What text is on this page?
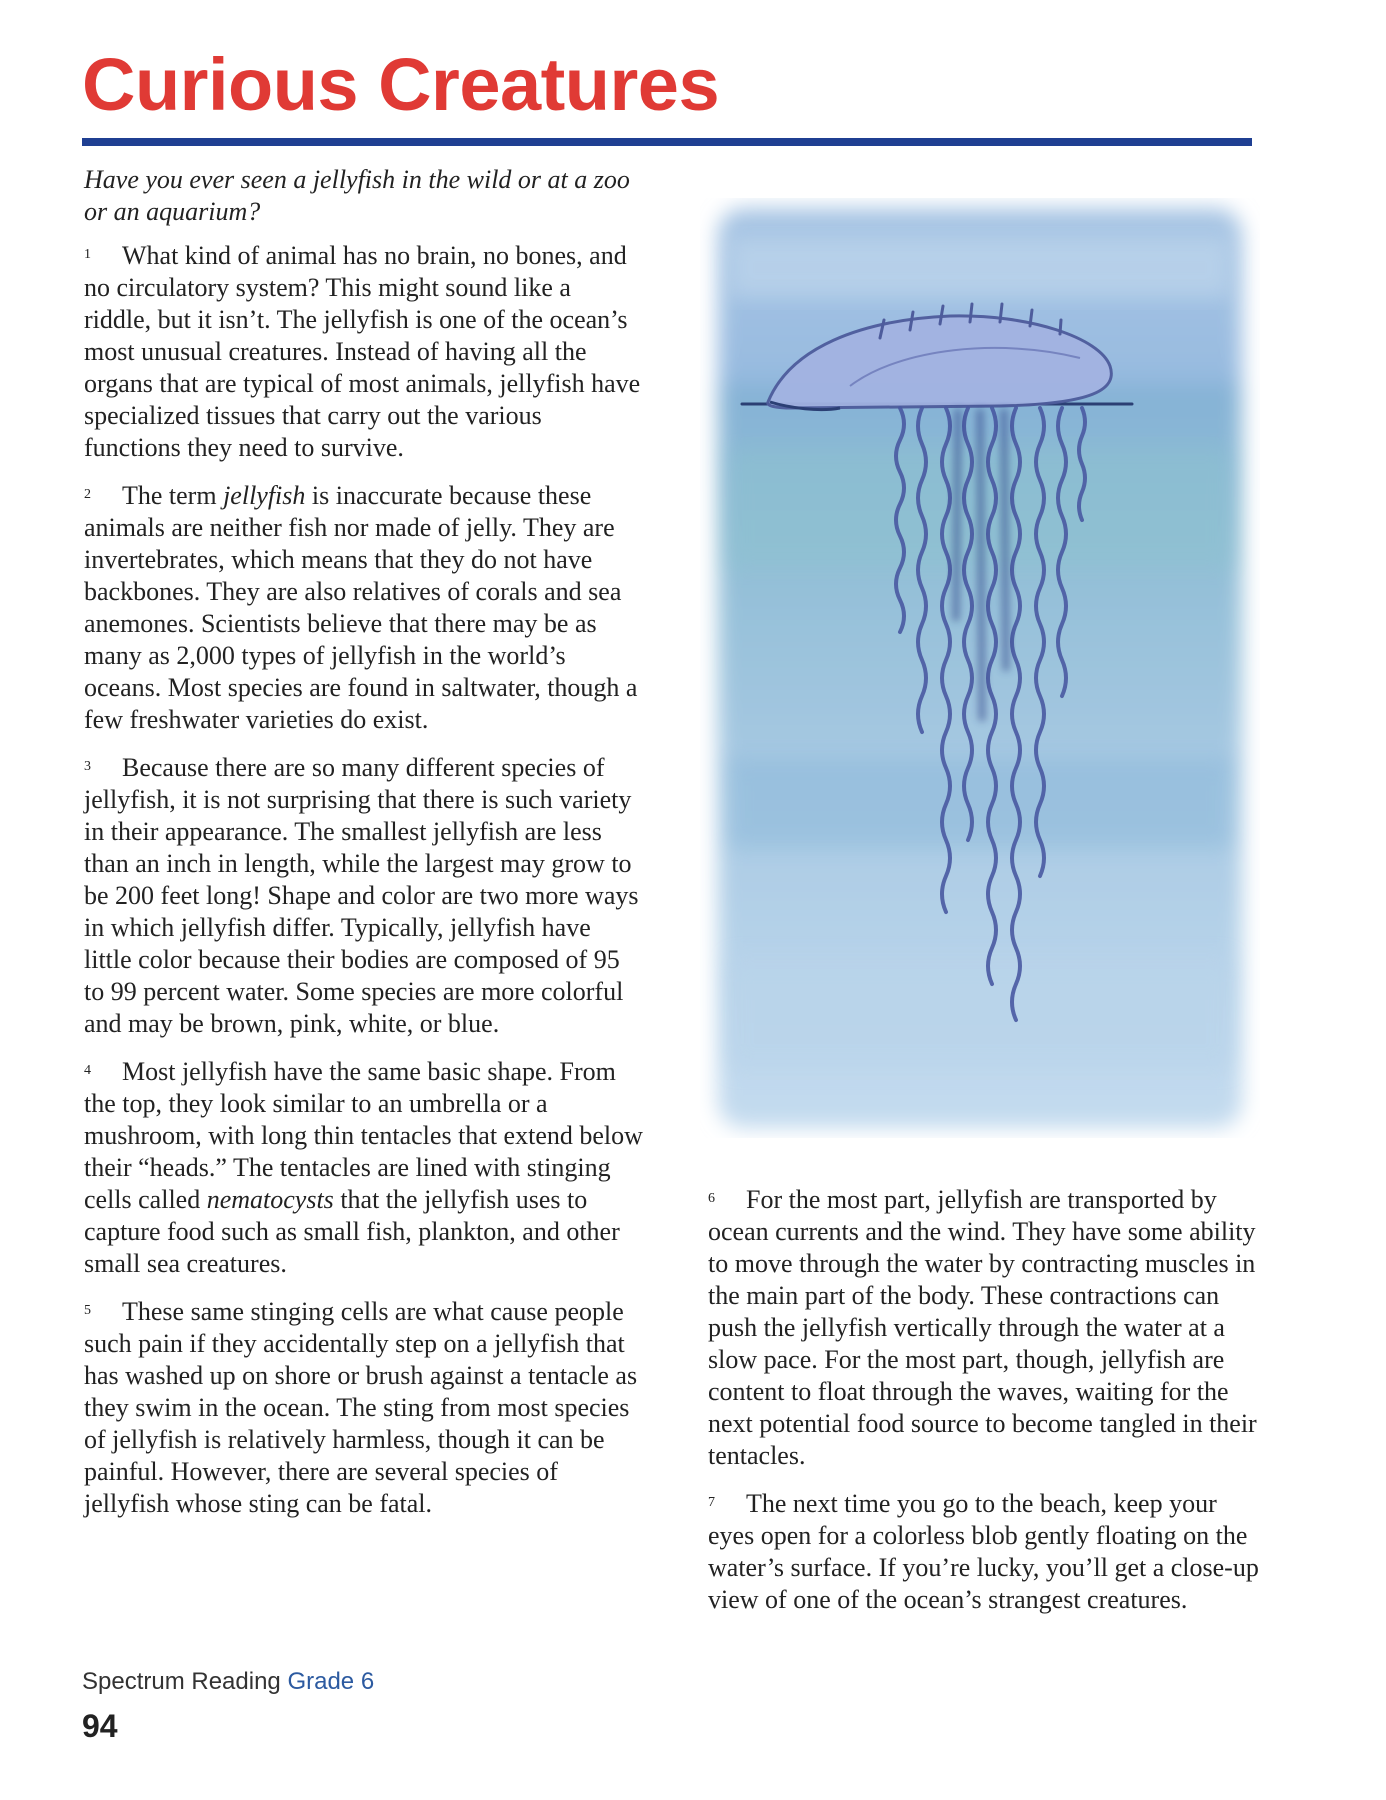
Curious Creatures

Have you ever seen a jellyfish in the wild or at a zoo or an aquarium?

1 What kind of animal has no brain, no bones, and no circulatory system? This might sound like a riddle, but it isn’t. The jellyfish is one of the ocean’s most unusual creatures. Instead of having all the organs that are typical of most animals, jellyfish have specialized tissues that carry out the various functions they need to survive.

2 The term jellyfish is inaccurate because these animals are neither fish nor made of jelly. They are invertebrates, which means that they do not have backbones. They are also relatives of corals and sea anemones. Scientists believe that there may be as many as 2,000 types of jellyfish in the world’s oceans. Most species are found in saltwater, though a few freshwater varieties do exist.

3 Because there are so many different species of jellyfish, it is not surprising that there is such variety in their appearance. The smallest jellyfish are less than an inch in length, while the largest may grow to be 200 feet long! Shape and color are two more ways in which jellyfish differ. Typically, jellyfish have little color because their bodies are composed of 95 to 99 percent water. Some species are more colorful and may be brown, pink, white, or blue.

4 Most jellyfish have the same basic shape. From the top, they look similar to an umbrella or a mushroom, with long thin tentacles that extend below their “heads.” The tentacles are lined with stinging cells called nematocysts that the jellyfish uses to capture food such as small fish, plankton, and other small sea creatures.

5 These same stinging cells are what cause people such pain if they accidentally step on a jellyfish that has washed up on shore or brush against a tentacle as they swim in the ocean. The sting from most species of jellyfish is relatively harmless, though it can be painful. However, there are several species of jellyfish whose sting can be fatal.

6 For the most part, jellyfish are transported by ocean currents and the wind. They have some ability to move through the water by contracting muscles in the main part of the body. These contractions can push the jellyfish vertically through the water at a slow pace. For the most part, though, jellyfish are content to float through the waves, waiting for the next potential food source to become tangled in their tentacles.

7 The next time you go to the beach, keep your eyes open for a colorless blob gently floating on the water’s surface. If you’re lucky, you’ll get a close-up view of one of the ocean’s strangest creatures.

Spectrum Reading Grade 6
94
